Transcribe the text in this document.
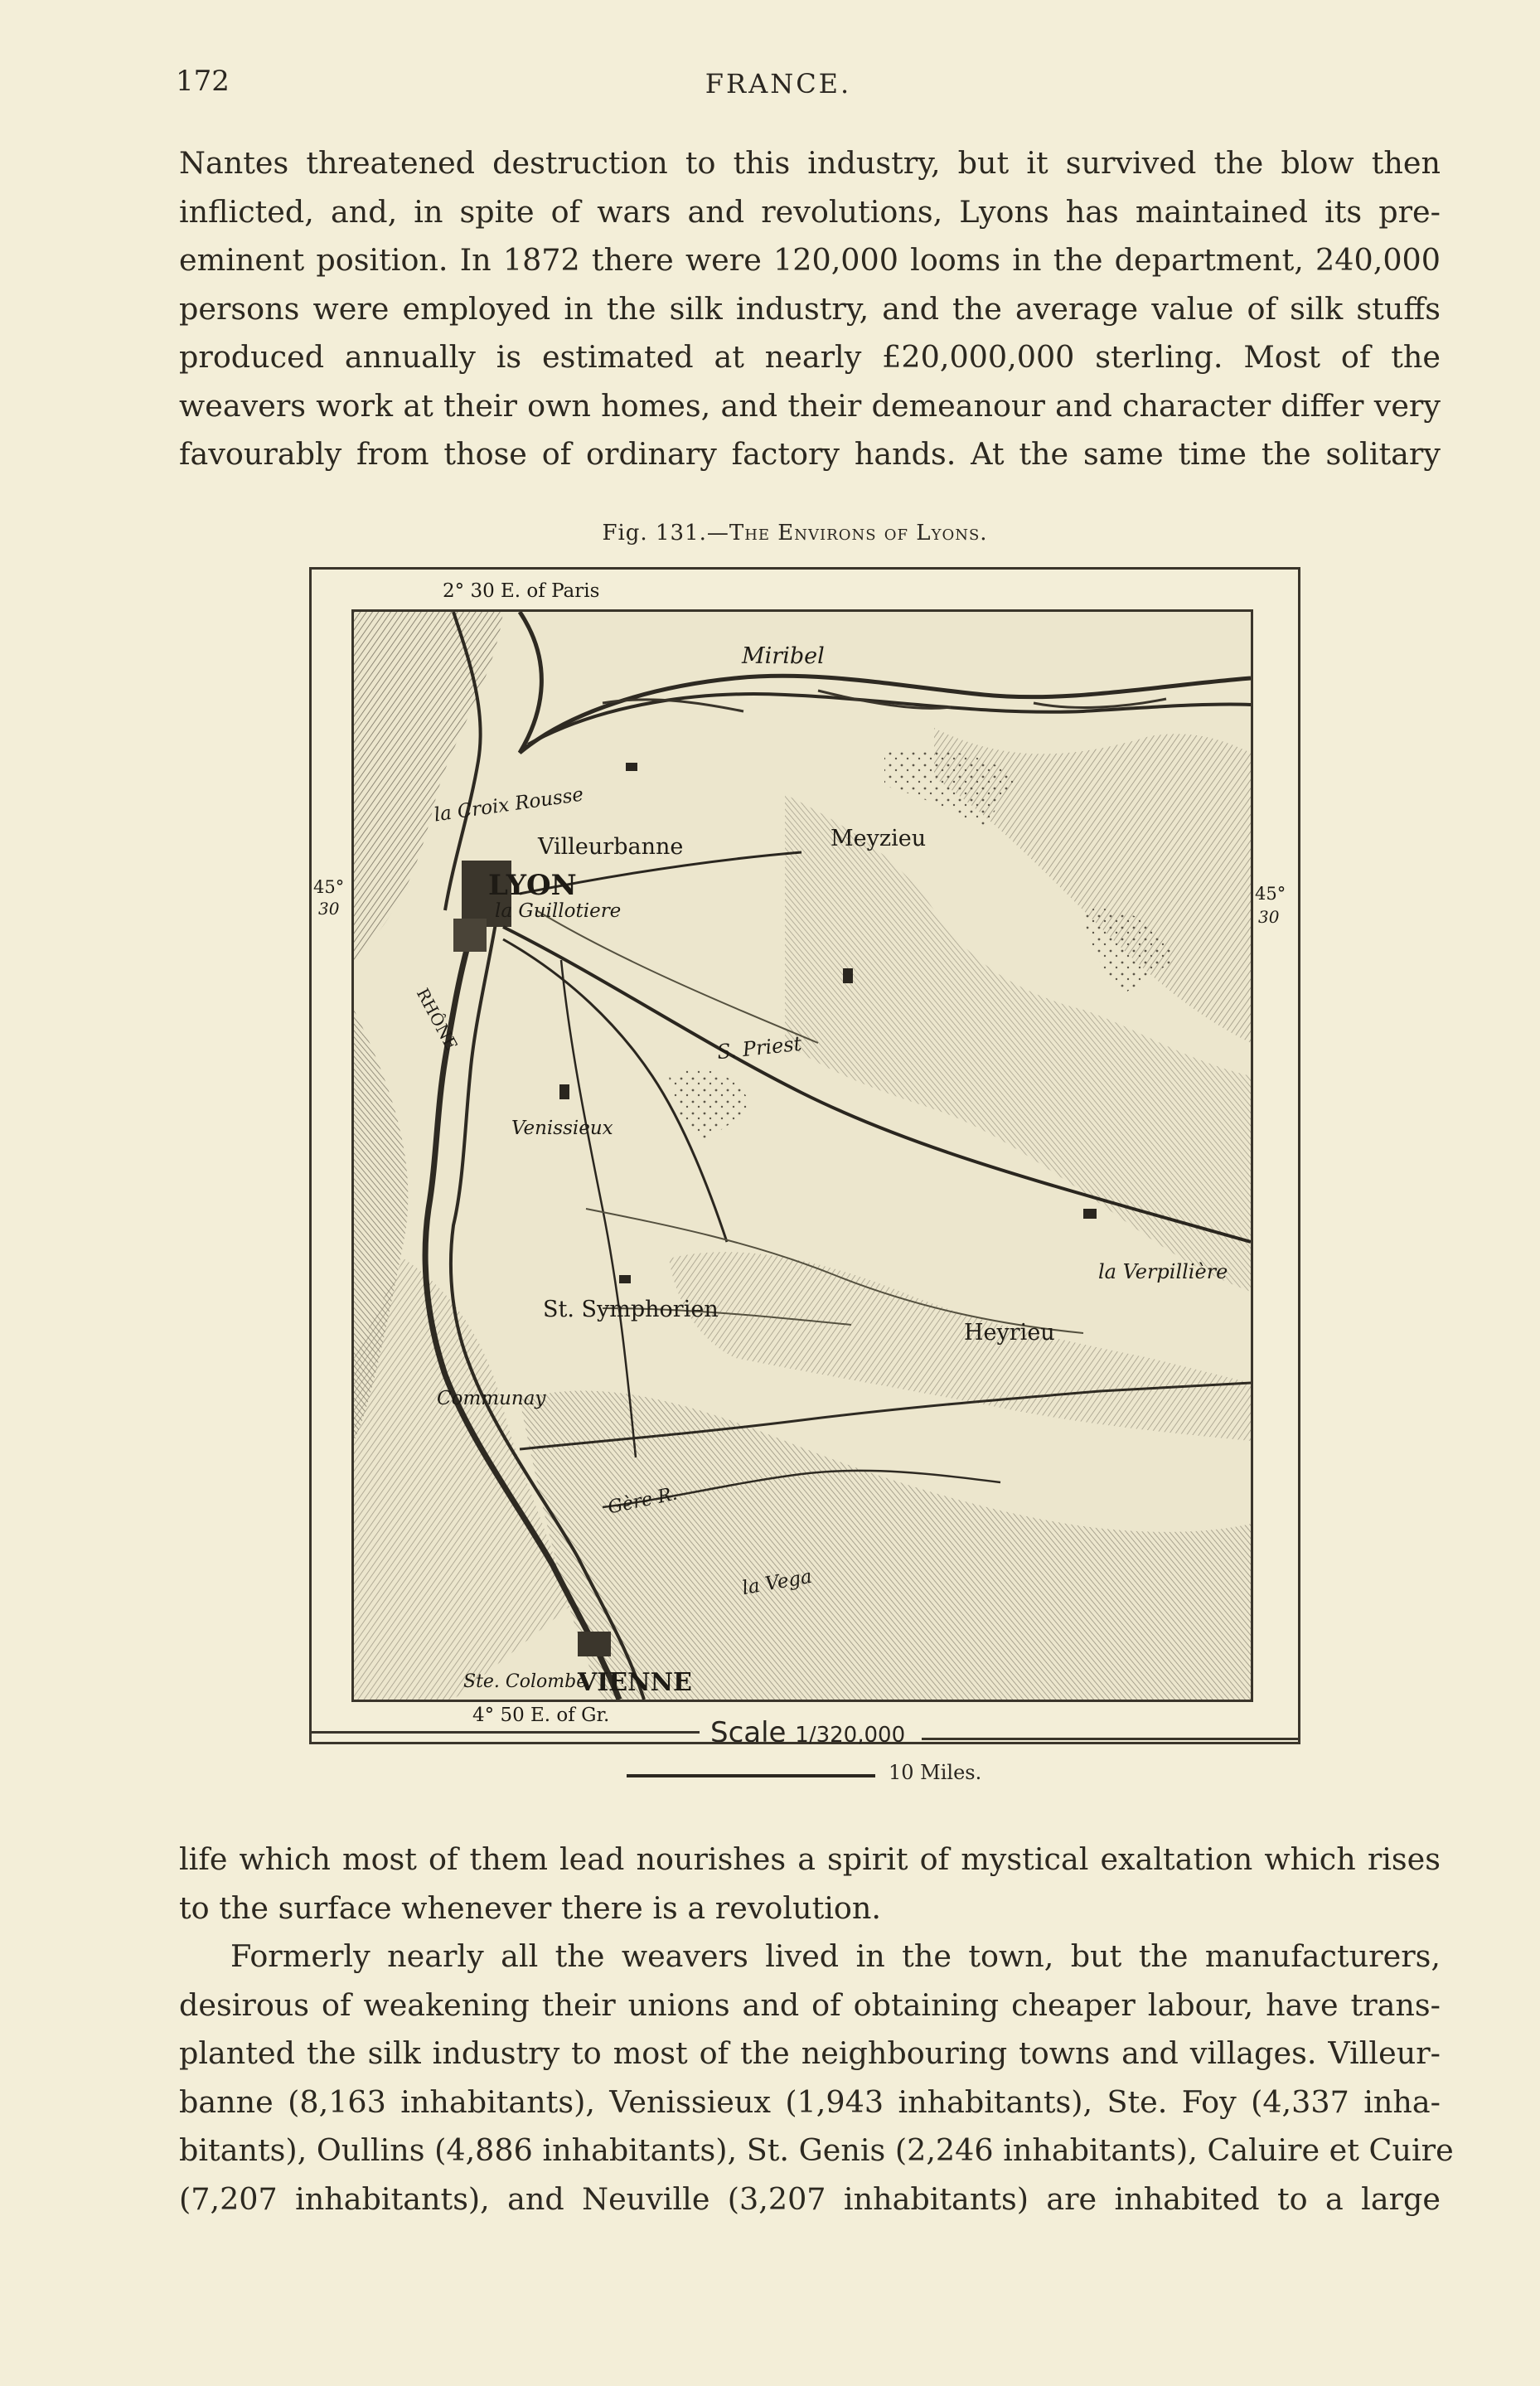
172	FRANCE.
Nantes threatened destruction to this industry, but it survived the blow then
inflicted, and, in spite of wars and revolutions, Lyons has maintained its pre-
eminent position. In 1872 there were 120,000 looms in the department, 240,000
persons were employed in the silk industry, and the average value of silk stuffs
produced annually is estimated at nearly £20,000,000 sterling. Most of the
weavers work at their own homes, and their demeanour and character differ very
favourably from those of ordinary factory hands. At the same time the solitary
Fig. 131.—The Environs of Lyons.
Miribel
la Croix Rousse
Villeurbanne	Meyzieu
LYON
la Guillotiere
RHÔNE	S. Priest
Venissieux
la Verpillière
St. Symphorien
Heyrieu
Communay
Gère R.
la Vega
Ste. Colombe
VIENNE
2° 30 E. of Paris
4° 50 E. of Gr.
45°
30
45°
30
Scale 1/320,000
10 Miles.
life which most of them lead nourishes a spirit of mystical exaltation which rises
to the surface whenever there is a revolution.
Formerly nearly all the weavers lived in the town, but the manufacturers,
desirous of weakening their unions and of obtaining cheaper labour, have trans-
planted the silk industry to most of the neighbouring towns and villages. Villeur-
banne (8,163 inhabitants), Venissieux (1,943 inhabitants), Ste. Foy (4,337 inha-
bitants), Oullins (4,886 inhabitants), St. Genis (2,246 inhabitants), Caluire et Cuire
(7,207 inhabitants), and Neuville (3,207 inhabitants) are inhabited to a large
